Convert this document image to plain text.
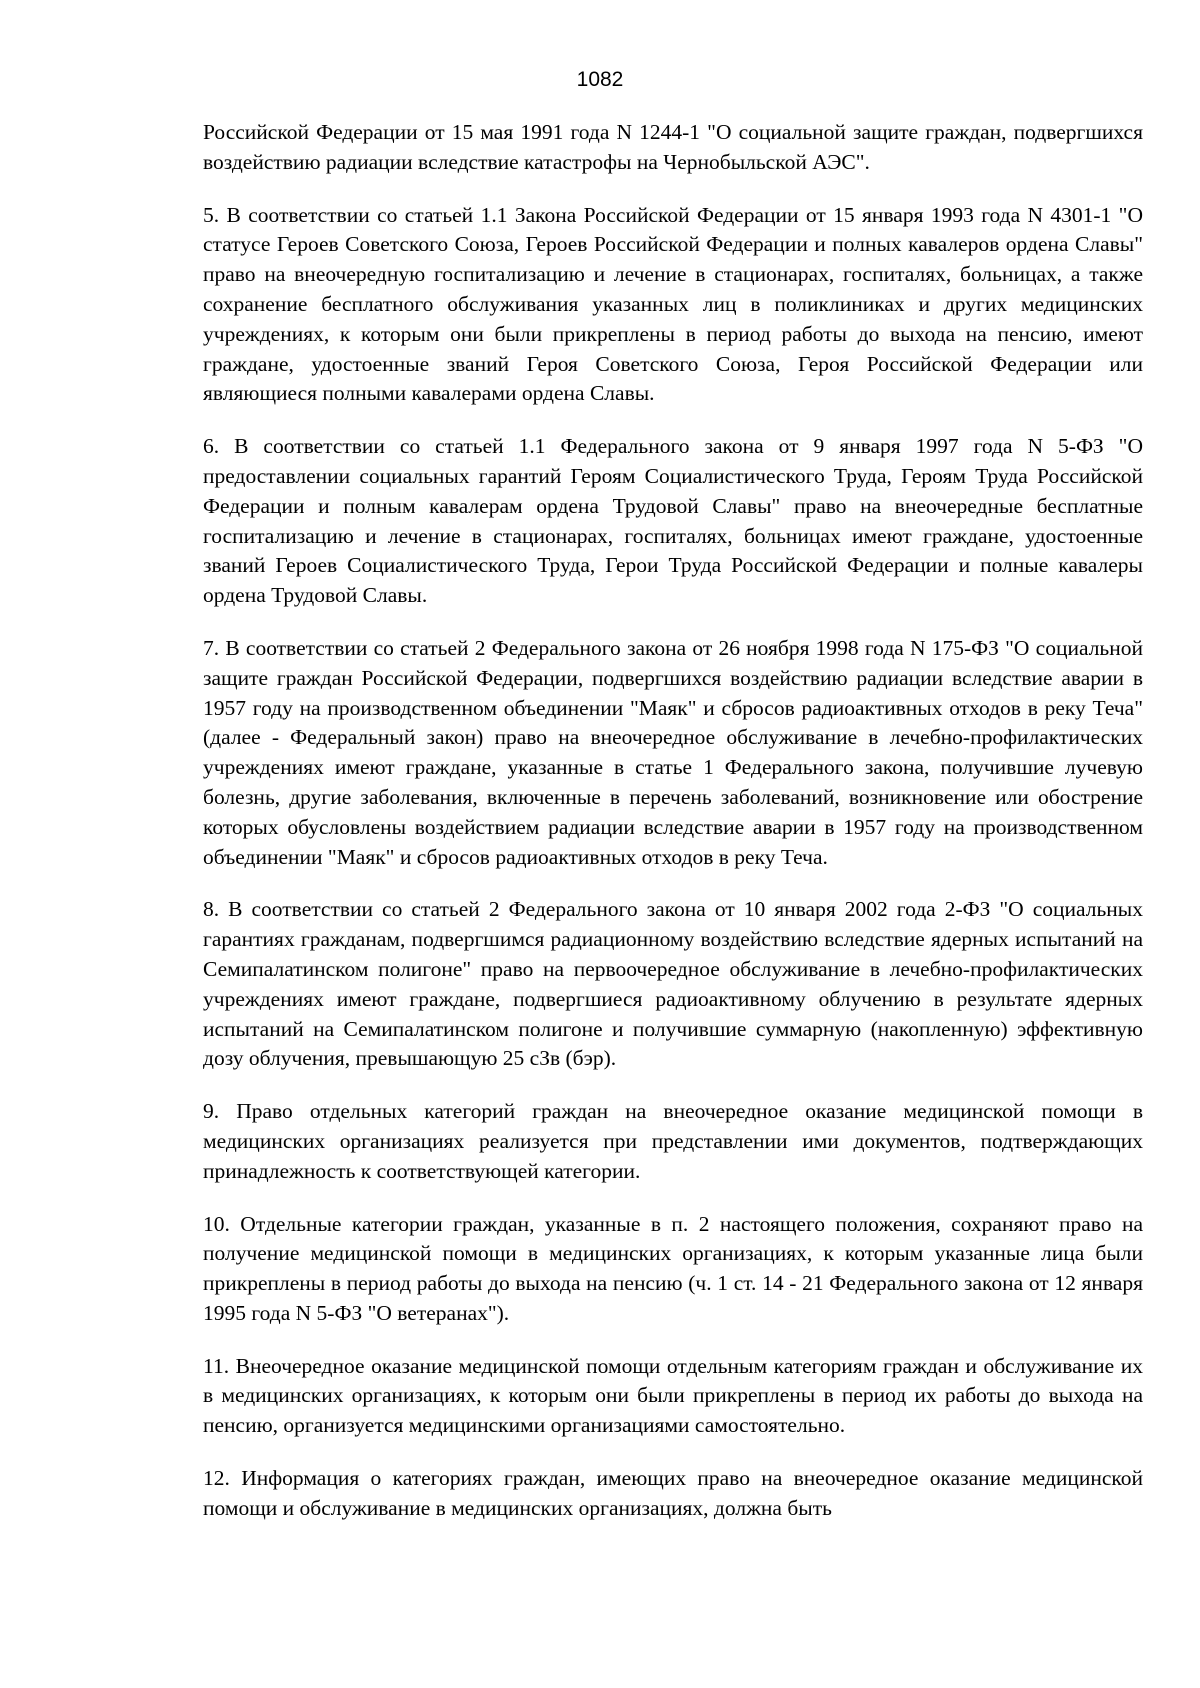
1082

Российской Федерации от 15 мая 1991 года N 1244-1 "О социальной защите граждан, подвергшихся воздействию радиации вследствие катастрофы на Чернобыльской АЭС".

5. В соответствии со статьей 1.1 Закона Российской Федерации от 15 января 1993 года N 4301-1 "О статусе Героев Советского Союза, Героев Российской Федерации и полных кавалеров ордена Славы" право на внеочередную госпитализацию и лечение в стационарах, госпиталях, больницах, а также сохранение бесплатного обслуживания указанных лиц в поликлиниках и других медицинских учреждениях, к которым они были прикреплены в период работы до выхода на пенсию, имеют граждане, удостоенные званий Героя Советского Союза, Героя Российской Федерации или являющиеся полными кавалерами ордена Славы.

6. В соответствии со статьей 1.1 Федерального закона от 9 января 1997 года N 5-ФЗ "О предоставлении социальных гарантий Героям Социалистического Труда, Героям Труда Российской Федерации и полным кавалерам ордена Трудовой Славы" право на внеочередные бесплатные госпитализацию и лечение в стационарах, госпиталях, больницах имеют граждане, удостоенные званий Героев Социалистического Труда, Герои Труда Российской Федерации и полные кавалеры ордена Трудовой Славы.

7. В соответствии со статьей 2 Федерального закона от 26 ноября 1998 года N 175-ФЗ "О социальной защите граждан Российской Федерации, подвергшихся воздействию радиации вследствие аварии в 1957 году на производственном объединении "Маяк" и сбросов радиоактивных отходов в реку Теча" (далее - Федеральный закон) право на внеочередное обслуживание в лечебно-профилактических учреждениях имеют граждане, указанные в статье 1 Федерального закона, получившие лучевую болезнь, другие заболевания, включенные в перечень заболеваний, возникновение или обострение которых обусловлены воздействием радиации вследствие аварии в 1957 году на производственном объединении "Маяк" и сбросов радиоактивных отходов в реку Теча.

8. В соответствии со статьей 2 Федерального закона от 10 января 2002 года 2-ФЗ "О социальных гарантиях гражданам, подвергшимся радиационному воздействию вследствие ядерных испытаний на Семипалатинском полигоне" право на первоочередное обслуживание в лечебно-профилактических учреждениях имеют граждане, подвергшиеся радиоактивному облучению в результате ядерных испытаний на Семипалатинском полигоне и получившие суммарную (накопленную) эффективную дозу облучения, превышающую 25 сЗв (бэр).

9. Право отдельных категорий граждан на внеочередное оказание медицинской помощи в медицинских организациях реализуется при представлении ими документов, подтверждающих принадлежность к соответствующей категории.

10. Отдельные категории граждан, указанные в п. 2 настоящего положения, сохраняют право на получение медицинской помощи в медицинских организациях, к которым указанные лица были прикреплены в период работы до выхода на пенсию (ч. 1 ст. 14 - 21 Федерального закона от 12 января 1995 года N 5-ФЗ "О ветеранах").

11. Внеочередное оказание медицинской помощи отдельным категориям граждан и обслуживание их в медицинских организациях, к которым они были прикреплены в период их работы до выхода на пенсию, организуется медицинскими организациями самостоятельно.

12. Информация о категориях граждан, имеющих право на внеочередное оказание медицинской помощи и обслуживание в медицинских организациях, должна быть
